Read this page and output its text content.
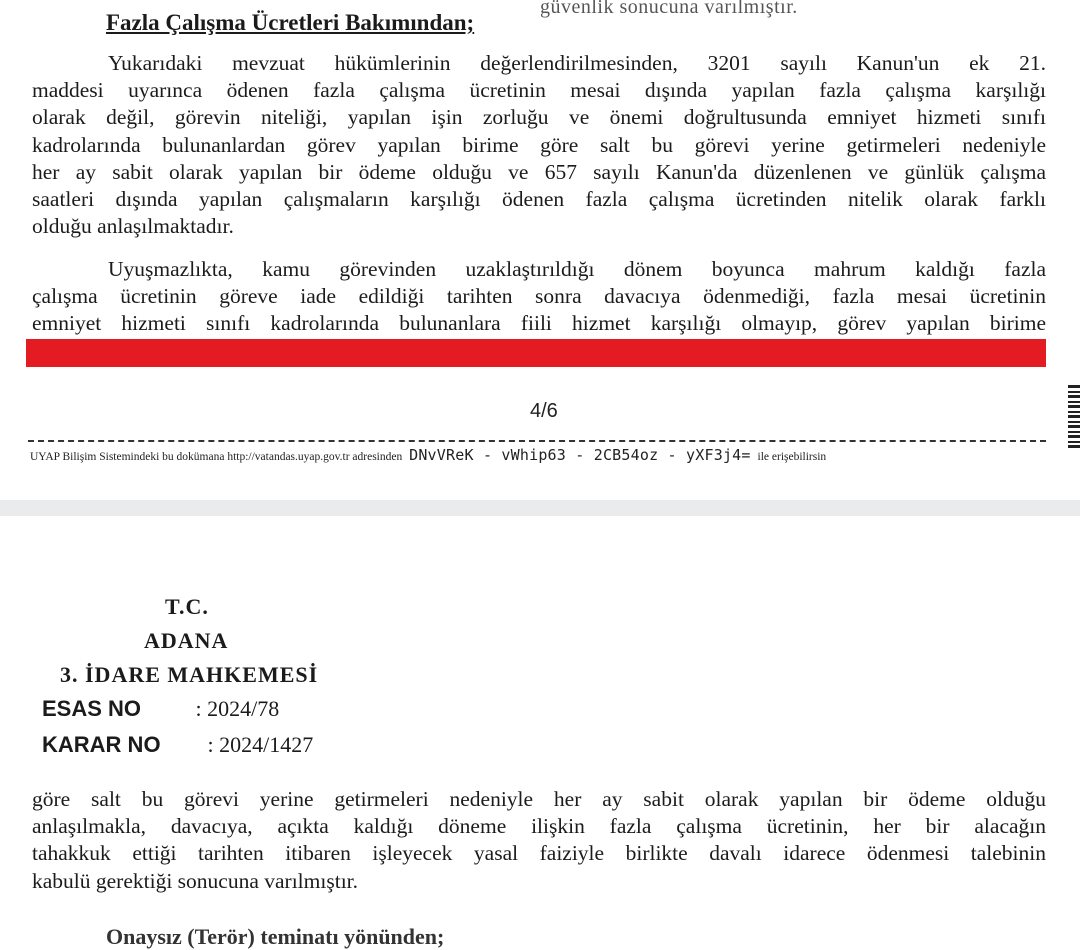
güvenlik sonucuna varılmıştır.
Fazla Çalışma Ücretleri Bakımından;

Yukarıdaki mevzuat hükümlerinin değerlendirilmesinden, 3201 sayılı Kanun'un ek 21.

maddesi uyarınca ödenen fazla çalışma ücretinin mesai dışında yapılan fazla çalışma karşılığı

olarak değil, görevin niteliği, yapılan işin zorluğu ve önemi doğrultusunda emniyet hizmeti sınıfı

kadrolarında bulunanlardan görev yapılan birime göre salt bu görevi yerine getirmeleri nedeniyle

her ay sabit olarak yapılan bir ödeme olduğu ve 657 sayılı Kanun'da düzenlenen ve günlük çalışma

saatleri dışında yapılan çalışmaların karşılığı ödenen fazla çalışma ücretinden nitelik olarak farklı

olduğu anlaşılmaktadır.

Uyuşmazlıkta, kamu görevinden uzaklaştırıldığı dönem boyunca mahrum kaldığı fazla

çalışma ücretinin göreve iade edildiği tarihten sonra davacıya ödenmediği, fazla mesai ücretinin

emniyet hizmeti sınıfı kadrolarında bulunanlara fiili hizmet karşılığı olmayıp, görev yapılan birime

4/6
UYAP Bilişim Sistemindeki bu dokümana http://vatandas.uyap.gov.tr adresinden DNvVReK - vWhip63 - 2CB54oz - yXF3j4= ile erişebilirsin
T.C.
ADANA
3. İDARE MAHKEMESİ
ESAS NO : 2024/78
KARAR NO : 2024/1427

göre salt bu görevi yerine getirmeleri nedeniyle her ay sabit olarak yapılan bir ödeme olduğu

anlaşılmakla, davacıya, açıkta kaldığı döneme ilişkin fazla çalışma ücretinin, her bir alacağın

tahakkuk ettiği tarihten itibaren işleyecek yasal faiziyle birlikte davalı idarece ödenmesi talebinin

kabulü gerektiği sonucuna varılmıştır.

Onaysız (Terör) teminatı yönünden;
